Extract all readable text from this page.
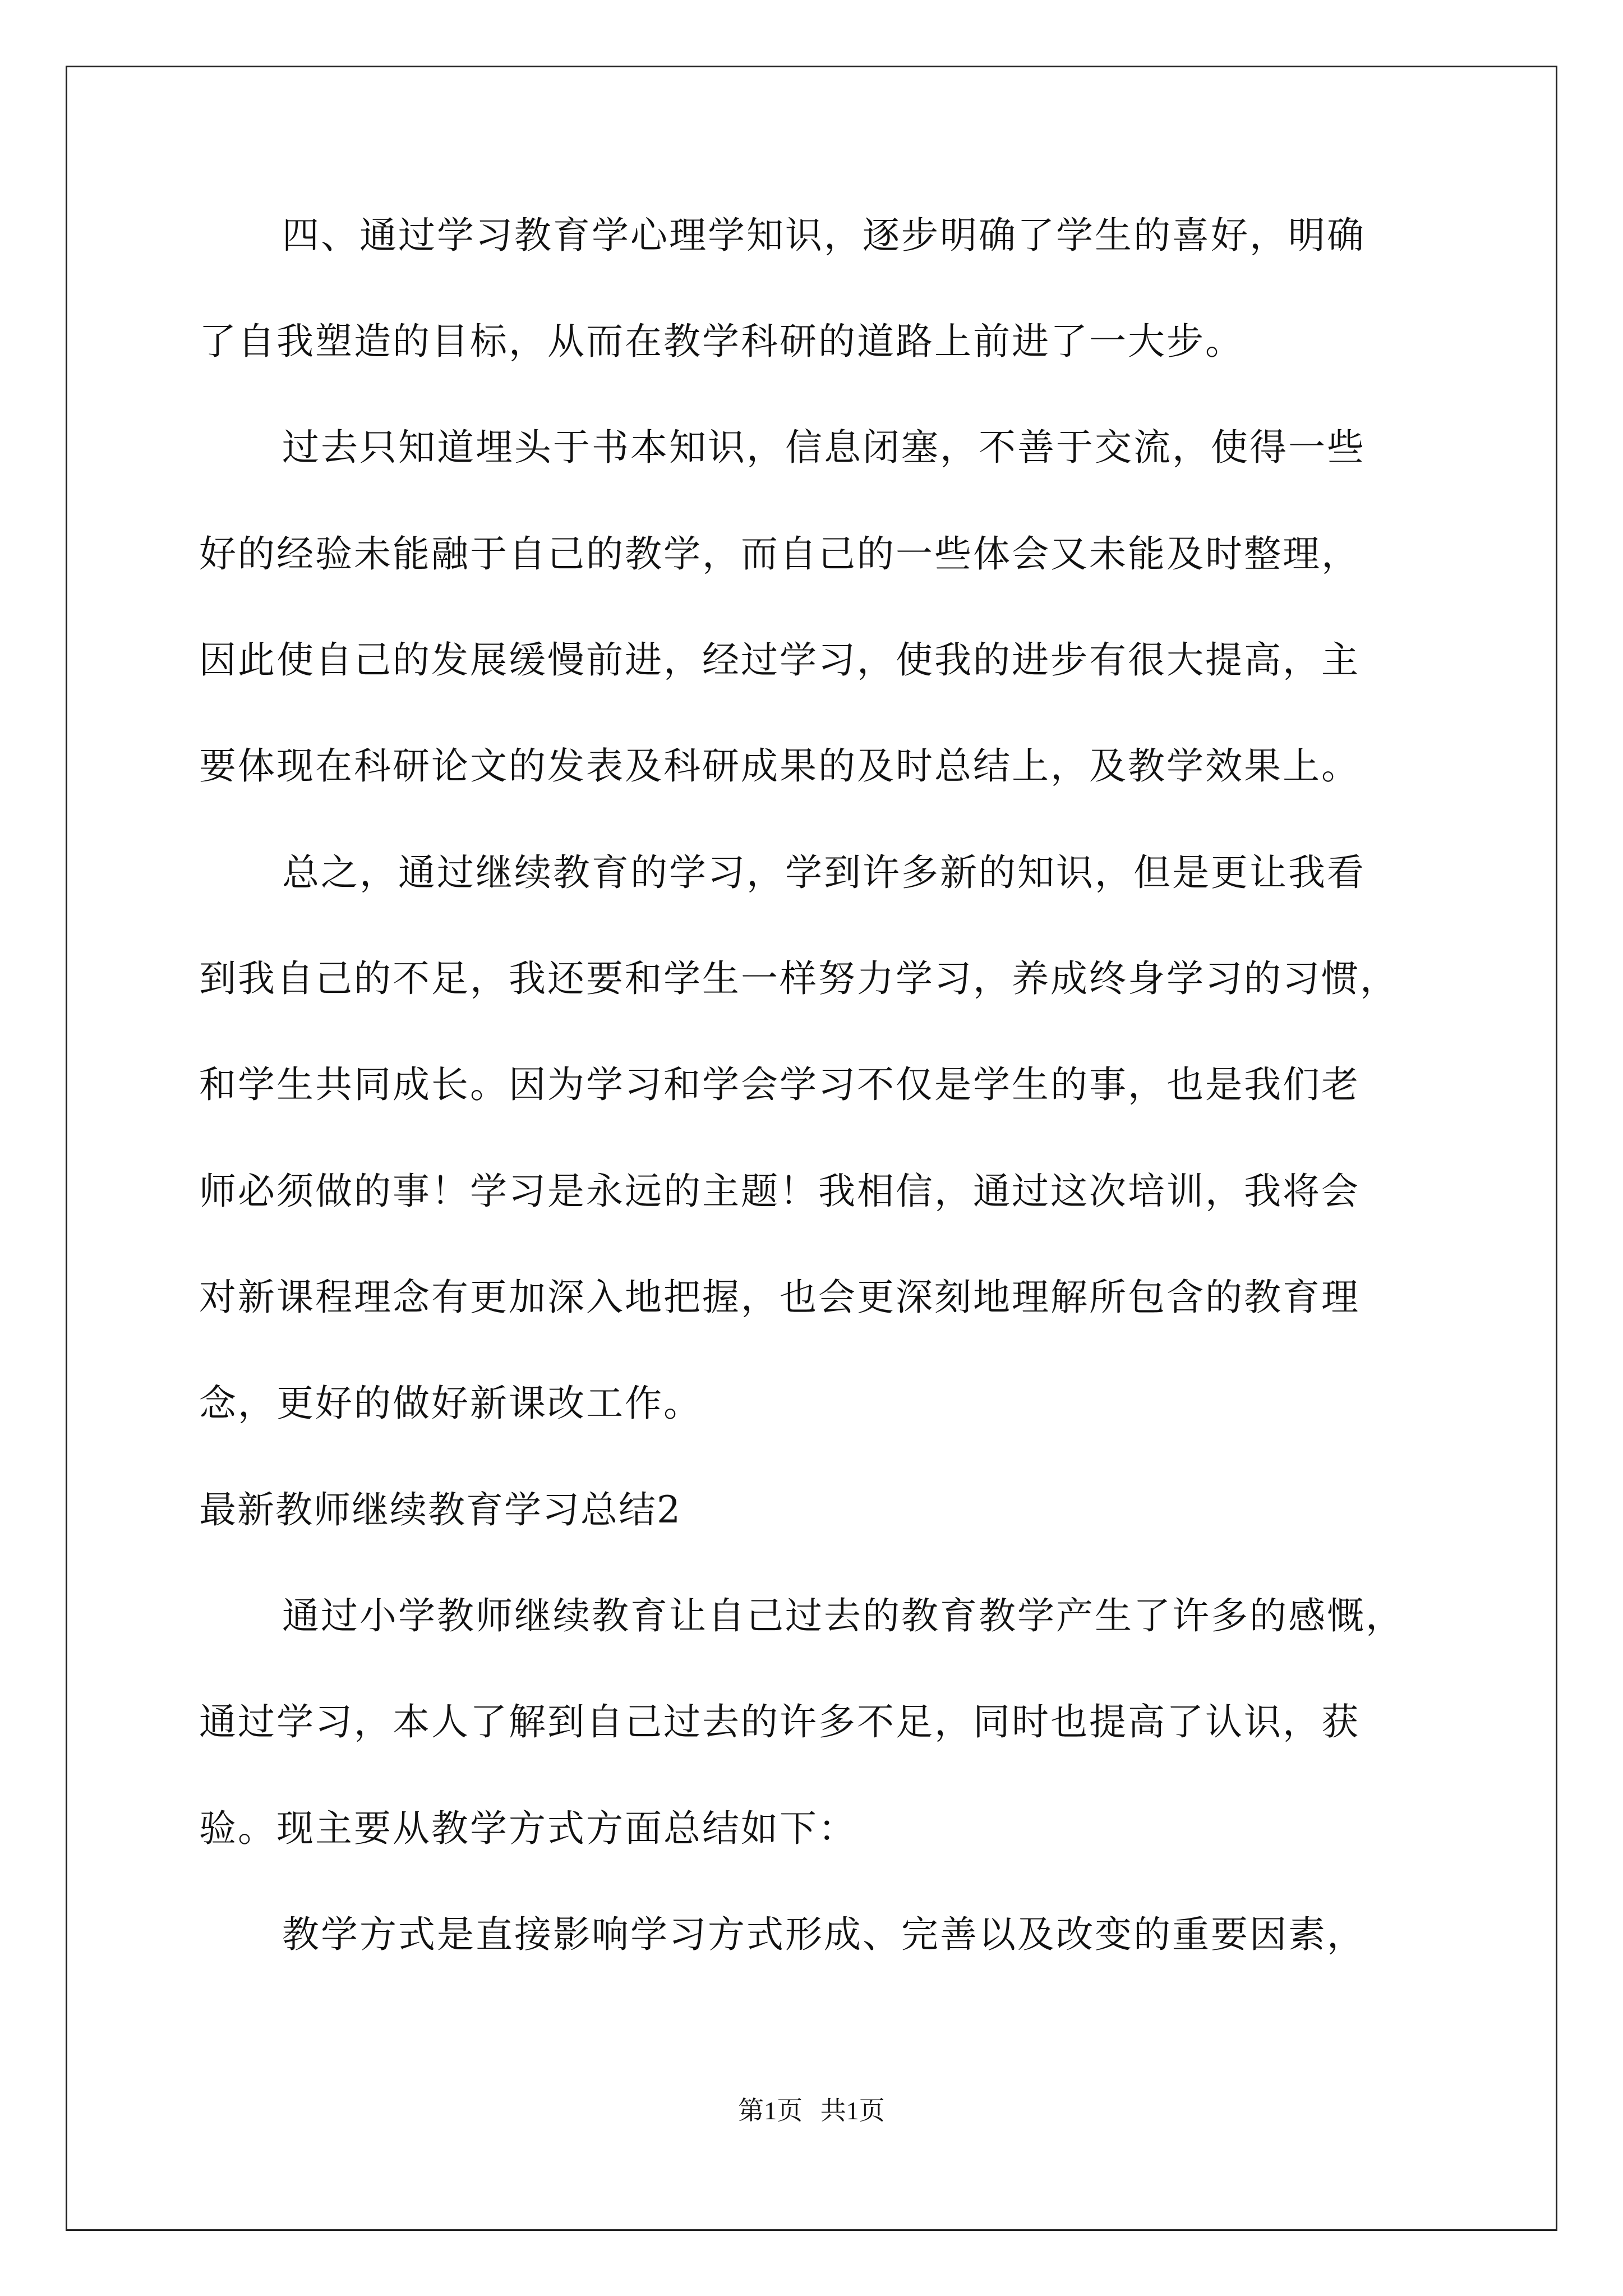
四、通过学习教育学心理学知识，逐步明确了学生的喜好，明确
了自我塑造的目标，从而在教学科研的道路上前进了一大步。
过去只知道埋头于书本知识，信息闭塞，不善于交流，使得一些
好的经验未能融于自己的教学，而自己的一些体会又未能及时整理，
因此使自己的发展缓慢前进，经过学习，使我的进步有很大提高，主
要体现在科研论文的发表及科研成果的及时总结上，及教学效果上。
总之，通过继续教育的学习，学到许多新的知识，但是更让我看
到我自己的不足，我还要和学生一样努力学习，养成终身学习的习惯，
和学生共同成长。因为学习和学会学习不仅是学生的事，也是我们老
师必须做的事！学习是永远的主题！我相信，通过这次培训，我将会
对新课程理念有更加深入地把握，也会更深刻地理解所包含的教育理
念，更好的做好新课改工作。
最新教师继续教育学习总结2
通过小学教师继续教育让自己过去的教育教学产生了许多的感慨，
通过学习，本人了解到自己过去的许多不足，同时也提高了认识，获
验。现主要从教学方式方面总结如下：
教学方式是直接影响学习方式形成、完善以及改变的重要因素，
第1页 共1页
